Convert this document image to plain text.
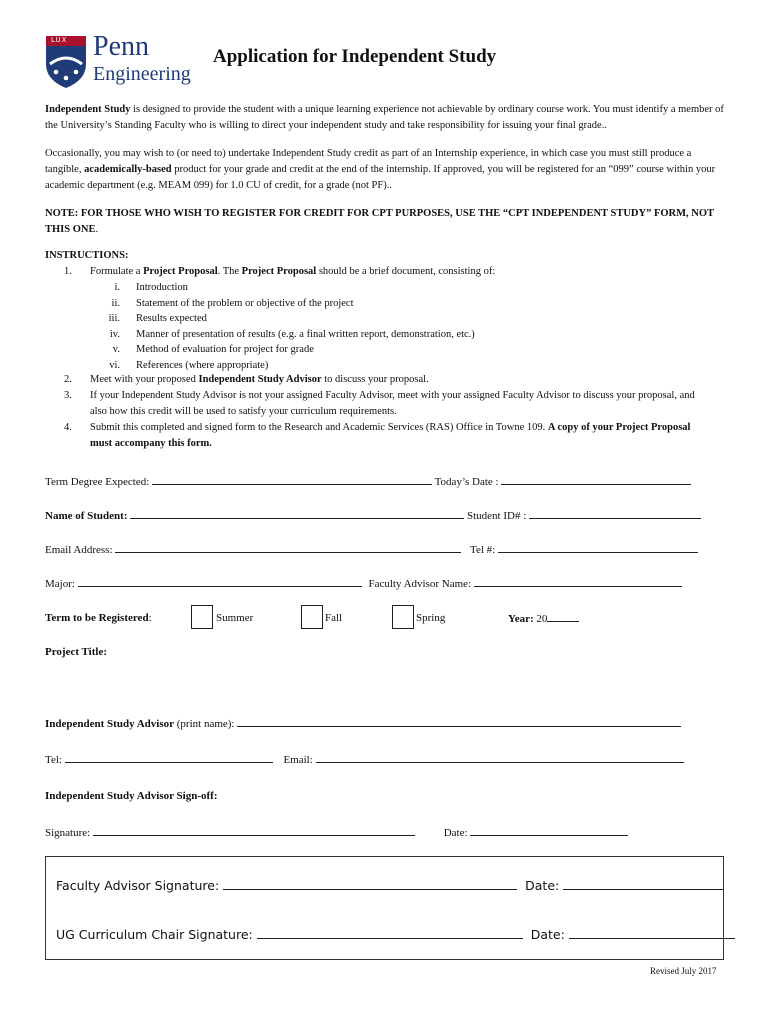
LUX Penn
Engineering
Application for Independent Study
Independent Study is designed to provide the student with a unique learning experience not achievable by ordinary course work. You must identify a member of the University’s Standing Faculty who is willing to direct your independent study and take responsibility for issuing your final grade..
Occasionally, you may wish to (or need to) undertake Independent Study credit as part of an Internship experience, in which case you must still produce a tangible, academically-based product for your grade and credit at the end of the internship. If approved, you will be registered for an “099” course within your academic department (e.g. MEAM 099) for 1.0 CU of credit, for a grade (not PF)..
NOTE: FOR THOSE WHO WISH TO REGISTER FOR CREDIT FOR CPT PURPOSES, USE THE “CPT INDEPENDENT STUDY” FORM, NOT THIS ONE.
INSTRUCTIONS:
1. Formulate a Project Proposal. The Project Proposal should be a brief document, consisting of:
i. Introduction
ii. Statement of the problem or objective of the project
iii. Results expected
iv. Manner of presentation of results (e.g. a final written report, demonstration, etc.)
v. Method of evaluation for project for grade
vi. References (where appropriate)
2. Meet with your proposed Independent Study Advisor to discuss your proposal.
3. If your Independent Study Advisor is not your assigned Faculty Advisor, meet with your assigned Faculty Advisor to discuss your proposal, and also how this credit will be used to satisfy your curriculum requirements.
4. Submit this completed and signed form to the Research and Academic Services (RAS) Office in Towne 109. A copy of your Project Proposal must accompany this form.
Term Degree Expected:	Today’s Date :
Name of Student:	Student ID# :
Email Address:	Tel #:
Major:	Faculty Advisor Name:
Term to be Registered:	Summer	Fall	Spring	Year: 20
Project Title:
Independent Study Advisor (print name):
Tel:	Email:
Independent Study Advisor Sign-off:
Signature:	Date:
Faculty Advisor Signature:	Date:
UG Curriculum Chair Signature:	Date:
Revised July 2017
